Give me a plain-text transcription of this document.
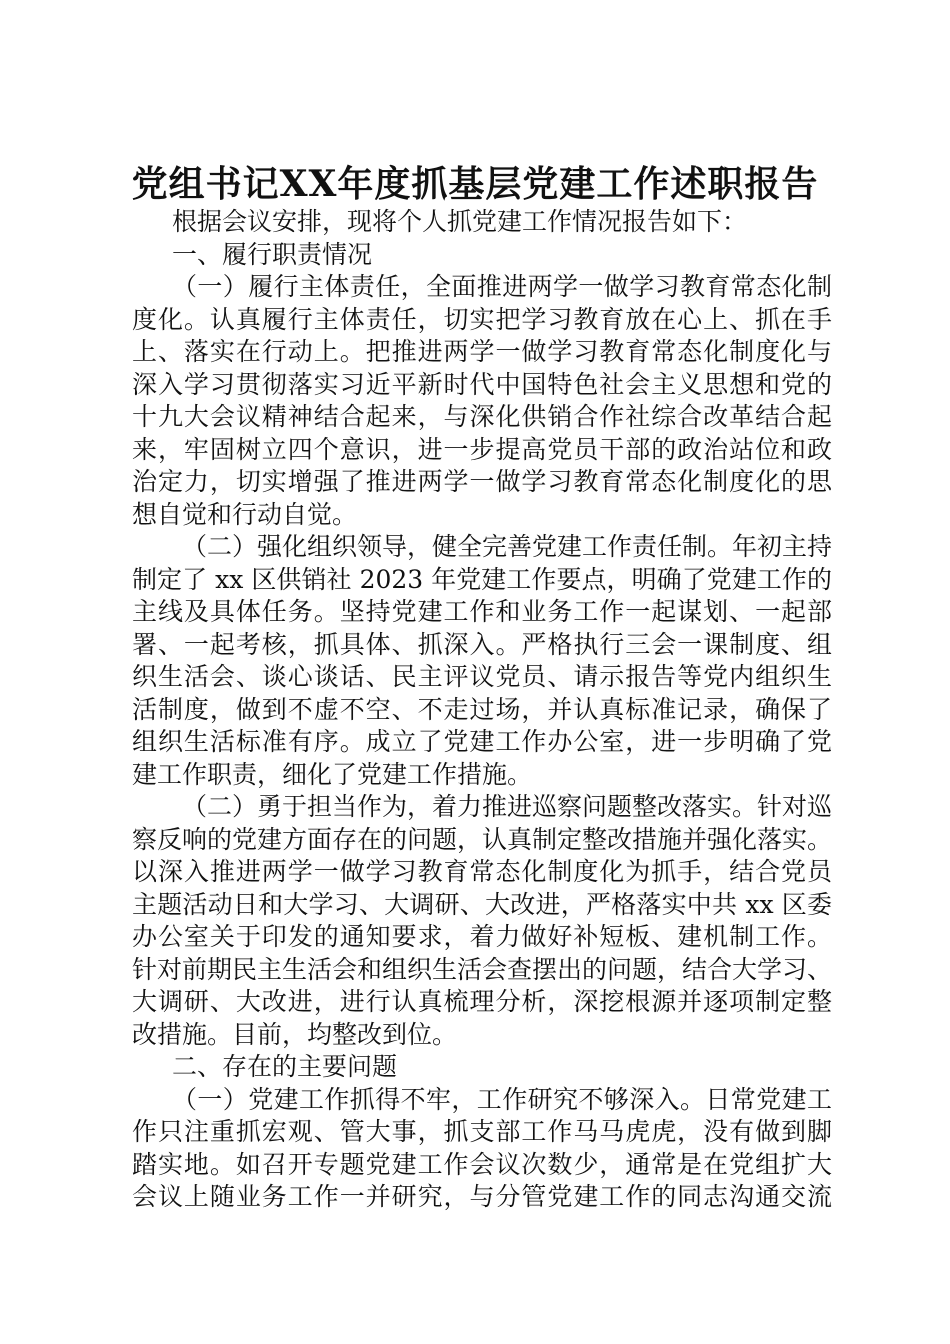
党组书记XX年度抓基层党建工作述职报告
根据会议安排，现将个人抓党建工作情况报告如下：
一、履行职责情况
（一）履行主体责任，全面推进两学一做学习教育常态化制
度化。认真履行主体责任，切实把学习教育放在心上、抓在手
上、落实在行动上。把推进两学一做学习教育常态化制度化与
深入学习贯彻落实习近平新时代中国特色社会主义思想和党的
十九大会议精神结合起来，与深化供销合作社综合改革结合起
来，牢固树立四个意识，进一步提高党员干部的政治站位和政
治定力，切实增强了推进两学一做学习教育常态化制度化的思
想自觉和行动自觉。
（二）强化组织领导，健全完善党建工作责任制。年初主持
制定了 xx 区供销社 2023 年党建工作要点，明确了党建工作的
主线及具体任务。坚持党建工作和业务工作一起谋划、一起部
署、一起考核，抓具体、抓深入。严格执行三会一课制度、组
织生活会、谈心谈话、民主评议党员、请示报告等党内组织生
活制度，做到不虚不空、不走过场，并认真标准记录，确保了
组织生活标准有序。成立了党建工作办公室，进一步明确了党
建工作职责，细化了党建工作措施。
（二）勇于担当作为，着力推进巡察问题整改落实。针对巡
察反响的党建方面存在的问题，认真制定整改措施并强化落实。
以深入推进两学一做学习教育常态化制度化为抓手，结合党员
主题活动日和大学习、大调研、大改进，严格落实中共 xx 区委
办公室关于印发的通知要求，着力做好补短板、建机制工作。
针对前期民主生活会和组织生活会查摆出的问题，结合大学习、
大调研、大改进，进行认真梳理分析，深挖根源并逐项制定整
改措施。目前，均整改到位。
二、存在的主要问题
（一）党建工作抓得不牢，工作研究不够深入。日常党建工
作只注重抓宏观、管大事，抓支部工作马马虎虎，没有做到脚
踏实地。如召开专题党建工作会议次数少，通常是在党组扩大
会议上随业务工作一并研究，与分管党建工作的同志沟通交流
